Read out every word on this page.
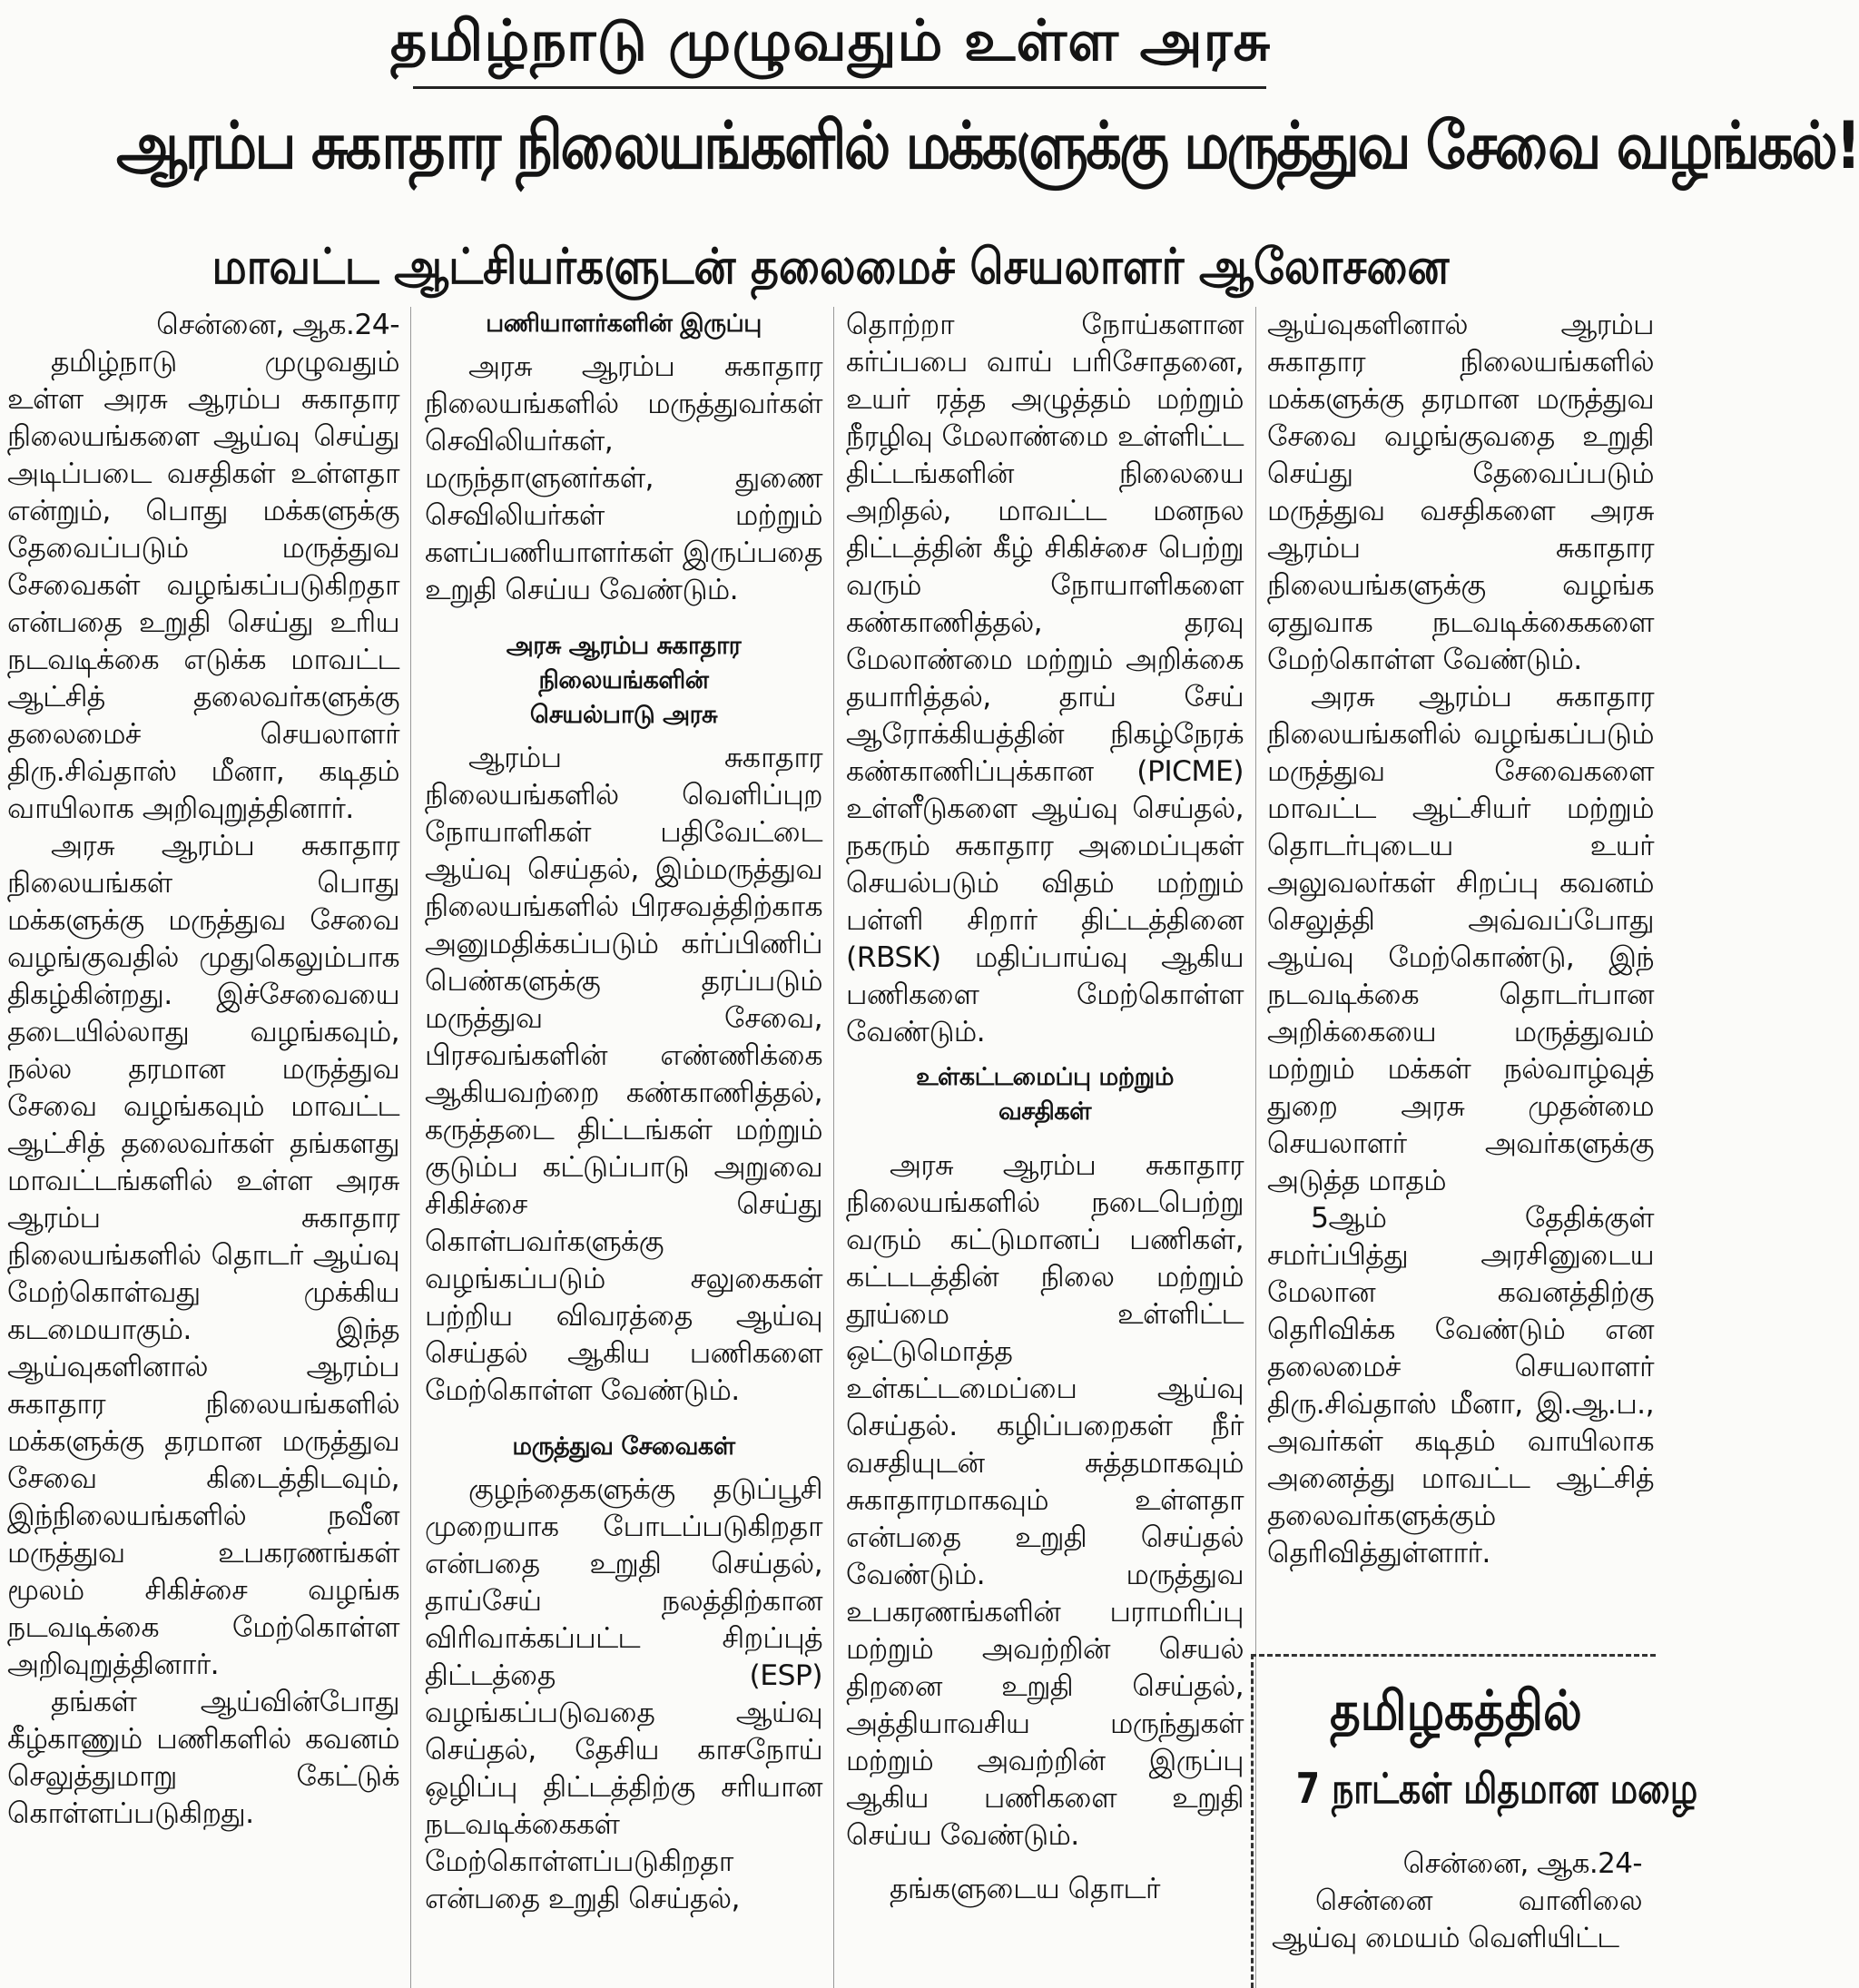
தமிழ்நாடு முழுவதும் உள்ள அரசு
ஆரம்ப சுகாதார நிலையங்களில் மக்களுக்கு மருத்துவ சேவை வழங்கல்!
மாவட்ட ஆட்சியர்களுடன் தலைமைச் செயலாளர் ஆலோசனை

சென்னை, ஆக.24-

தமிழ்நாடு முழுவதும் உள்ள அரசு ஆரம்ப சுகாதார நிலையங்களை ஆய்வு செய்து அடிப்படை வசதிகள் உள்ளதா என்றும், பொது மக்களுக்கு தேவைப்படும் மருத்துவ சேவைகள் வழங்கப்படுகிறதா என்பதை உறுதி செய்து உரிய நடவடிக்கை எடுக்க மாவட்ட ஆட்சித் தலைவர்களுக்கு தலைமைச் செயலாளர் திரு.சிவ்தாஸ் மீனா, கடிதம் வாயிலாக அறிவுறுத்தினார்.

அரசு ஆரம்ப சுகாதார நிலையங்கள் பொது மக்களுக்கு மருத்துவ சேவை வழங்குவதில் முதுகெலும்பாக திகழ்கின்றது. இச்சேவையை தடையில்லாது வழங்கவும், நல்ல தரமான மருத்துவ சேவை வழங்கவும் மாவட்ட ஆட்சித் தலைவர்கள் தங்களது மாவட்டங்களில் உள்ள அரசு ஆரம்ப சுகாதார நிலையங்களில் தொடர் ஆய்வு மேற்கொள்வது முக்கிய கடமையாகும். இந்த ஆய்வுகளினால் ஆரம்ப சுகாதார நிலையங்களில் மக்களுக்கு தரமான மருத்துவ சேவை கிடைத்திடவும், இந்நிலையங்களில் நவீன மருத்துவ உபகரணங்கள் மூலம் சிகிச்சை வழங்க நடவடிக்கை மேற்கொள்ள அறிவுறுத்தினார்.

தங்கள் ஆய்வின்போது கீழ்காணும் பணிகளில் கவனம் செலுத்துமாறு கேட்டுக் கொள்ளப்படுகிறது.

பணியாளர்களின் இருப்பு

அரசு ஆரம்ப சுகாதார நிலையங்களில் மருத்துவர்கள் செவிலியர்கள், மருந்தாளுனர்கள், துணை செவிலியர்கள் மற்றும் களப்பணியாளர்கள் இருப்பதை உறுதி செய்ய வேண்டும்.

அரசு ஆரம்ப சுகாதார
நிலையங்களின்
செயல்பாடு அரசு

ஆரம்ப சுகாதார நிலையங்களில் வெளிப்புற நோயாளிகள் பதிவேட்டை ஆய்வு செய்தல், இம்மருத்துவ நிலையங்களில் பிரசவத்திற்காக அனுமதிக்கப்படும் கர்ப்பிணிப் பெண்களுக்கு தரப்படும் மருத்துவ சேவை, பிரசவங்களின் எண்ணிக்கை ஆகியவற்றை கண்காணித்தல், கருத்தடை திட்டங்கள் மற்றும் குடும்ப கட்டுப்பாடு அறுவை சிகிச்சை செய்து கொள்பவர்களுக்கு வழங்கப்படும் சலுகைகள் பற்றிய விவரத்தை ஆய்வு செய்தல் ஆகிய பணிகளை மேற்கொள்ள வேண்டும்.

மருத்துவ சேவைகள்

குழந்தைகளுக்கு தடுப்பூசி முறையாக போடப்படுகிறதா என்பதை உறுதி செய்தல், தாய்சேய் நலத்திற்கான விரிவாக்கப்பட்ட சிறப்புத் திட்டத்தை (ESP) வழங்கப்படுவதை ஆய்வு செய்தல், தேசிய காசநோய் ஒழிப்பு திட்டத்திற்கு சரியான நடவடிக்கைகள் மேற்கொள்ளப்படுகிறதா என்பதை உறுதி செய்தல்,

தொற்றா நோய்களான கர்ப்பபை வாய் பரிசோதனை, உயர் ரத்த அழுத்தம் மற்றும் நீரழிவு மேலாண்மை உள்ளிட்ட திட்டங்களின் நிலையை அறிதல், மாவட்ட மனநல திட்டத்தின் கீழ் சிகிச்சை பெற்று வரும் நோயாளிகளை கண்காணித்தல், தரவு மேலாண்மை மற்றும் அறிக்கை தயாரித்தல், தாய் சேய் ஆரோக்கியத்தின் நிகழ்நேரக் கண்காணிப்புக்கான (PICME) உள்ளீடுகளை ஆய்வு செய்தல், நகரும் சுகாதார அமைப்புகள் செயல்படும் விதம் மற்றும் பள்ளி சிறார் திட்டத்தினை (RBSK) மதிப்பாய்வு ஆகிய பணிகளை மேற்கொள்ள வேண்டும்.

உள்கட்டமைப்பு மற்றும்
வசதிகள்

அரசு ஆரம்ப சுகாதார நிலையங்களில் நடைபெற்று வரும் கட்டுமானப் பணிகள், கட்டடத்தின் நிலை மற்றும் தூய்மை உள்ளிட்ட ஒட்டுமொத்த உள்கட்டமைப்பை ஆய்வு செய்தல். கழிப்பறைகள் நீர் வசதியுடன் சுத்தமாகவும் சுகாதாரமாகவும் உள்ளதா என்பதை உறுதி செய்தல் வேண்டும். மருத்துவ உபகரணங்களின் பராமரிப்பு மற்றும் அவற்றின் செயல் திறனை உறுதி செய்தல், அத்தியாவசிய மருந்துகள் மற்றும் அவற்றின் இருப்பு ஆகிய பணிகளை உறுதி செய்ய வேண்டும்.

தங்களுடைய தொடர்

ஆய்வுகளினால் ஆரம்ப சுகாதார நிலையங்களில் மக்களுக்கு தரமான மருத்துவ சேவை வழங்குவதை உறுதி செய்து தேவைப்படும் மருத்துவ வசதிகளை அரசு ஆரம்ப சுகாதார நிலையங்களுக்கு வழங்க ஏதுவாக நடவடிக்கைகளை மேற்கொள்ள வேண்டும்.

அரசு ஆரம்ப சுகாதார நிலையங்களில் வழங்கப்படும் மருத்துவ சேவைகளை மாவட்ட ஆட்சியர் மற்றும் தொடர்புடைய உயர் அலுவலர்கள் சிறப்பு கவனம் செலுத்தி அவ்வப்போது ஆய்வு மேற்கொண்டு, இந் நடவடிக்கை தொடர்பான அறிக்கையை மருத்துவம் மற்றும் மக்கள் நல்வாழ்வுத் துறை அரசு முதன்மை செயலாளர் அவர்களுக்கு அடுத்த மாதம்

5ஆம் தேதிக்குள் சமர்ப்பித்து அரசினுடைய மேலான கவனத்திற்கு தெரிவிக்க வேண்டும் என தலைமைச் செயலாளர் திரு.சிவ்தாஸ் மீனா, இ.ஆ.ப., அவர்கள் கடிதம் வாயிலாக அனைத்து மாவட்ட ஆட்சித் தலைவர்களுக்கும் தெரிவித்துள்ளார்.

தமிழகத்தில்
7 நாட்கள் மிதமான மழை

சென்னை, ஆக.24-

சென்னை வானிலை ஆய்வு மையம் வெளியிட்ட
